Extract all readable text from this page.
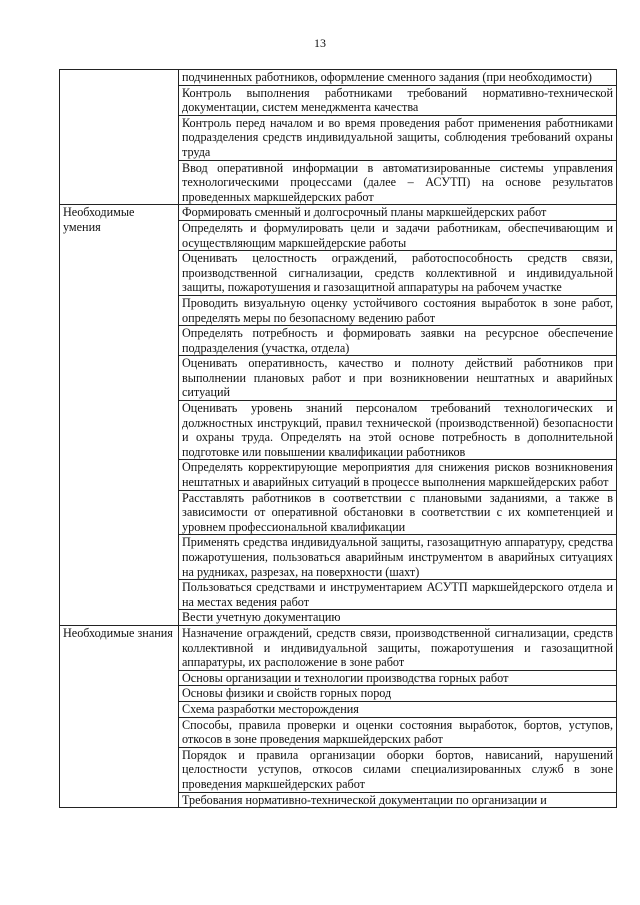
13
	подчиненных работников, оформление сменного задания (при необходимости)
	Контроль выполнения работниками требований нормативно-технической документации, систем менеджмента качества
	Контроль перед началом и во время проведения работ применения работниками подразделения средств индивидуальной защиты, соблюдения требований охраны труда
	Ввод оперативной информации в автоматизированные системы управления технологическими процессами (далее – АСУТП) на основе результатов проведенных маркшейдерских работ
Необходимые умения	Формировать сменный и долгосрочный планы маркшейдерских работ
	Определять и формулировать цели и задачи работникам, обеспечивающим и осуществляющим маркшейдерские работы
	Оценивать целостность ограждений, работоспособность средств связи, производственной сигнализации, средств коллективной и индивидуальной защиты, пожаротушения и газозащитной аппаратуры на рабочем участке
	Проводить визуальную оценку устойчивого состояния выработок в зоне работ, определять меры по безопасному ведению работ
	Определять потребность и формировать заявки на ресурсное обеспечение подразделения (участка, отдела)
	Оценивать оперативность, качество и полноту действий работников при выполнении плановых работ и при возникновении нештатных и аварийных ситуаций
	Оценивать уровень знаний персоналом требований технологических и должностных инструкций, правил технической (производственной) безопасности и охраны труда. Определять на этой основе потребность в дополнительной подготовке или повышении квалификации работников
	Определять корректирующие мероприятия для снижения рисков возникновения нештатных и аварийных ситуаций в процессе выполнения маркшейдерских работ
	Расставлять работников в соответствии с плановыми заданиями, а также в зависимости от оперативной обстановки в соответствии с их компетенцией и уровнем профессиональной квалификации
	Применять средства индивидуальной защиты, газозащитную аппаратуру, средства пожаротушения, пользоваться аварийным инструментом в аварийных ситуациях на рудниках, разрезах, на поверхности (шахт)
	Пользоваться средствами и инструментарием АСУТП маркшейдерского отдела и на местах ведения работ
	Вести учетную документацию
Необходимые знания	Назначение ограждений, средств связи, производственной сигнализации, средств коллективной и индивидуальной защиты, пожаротушения и газозащитной аппаратуры, их расположение в зоне работ
	Основы организации и технологии производства горных работ
	Основы физики и свойств горных пород
	Схема разработки месторождения
	Способы, правила проверки и оценки состояния выработок, бортов, уступов, откосов в зоне проведения маркшейдерских работ
	Порядок и правила организации оборки бортов, нависаний, нарушений целостности уступов, откосов силами специализированных служб в зоне проведения маркшейдерских работ
	Требования нормативно-технической документации по организации и
